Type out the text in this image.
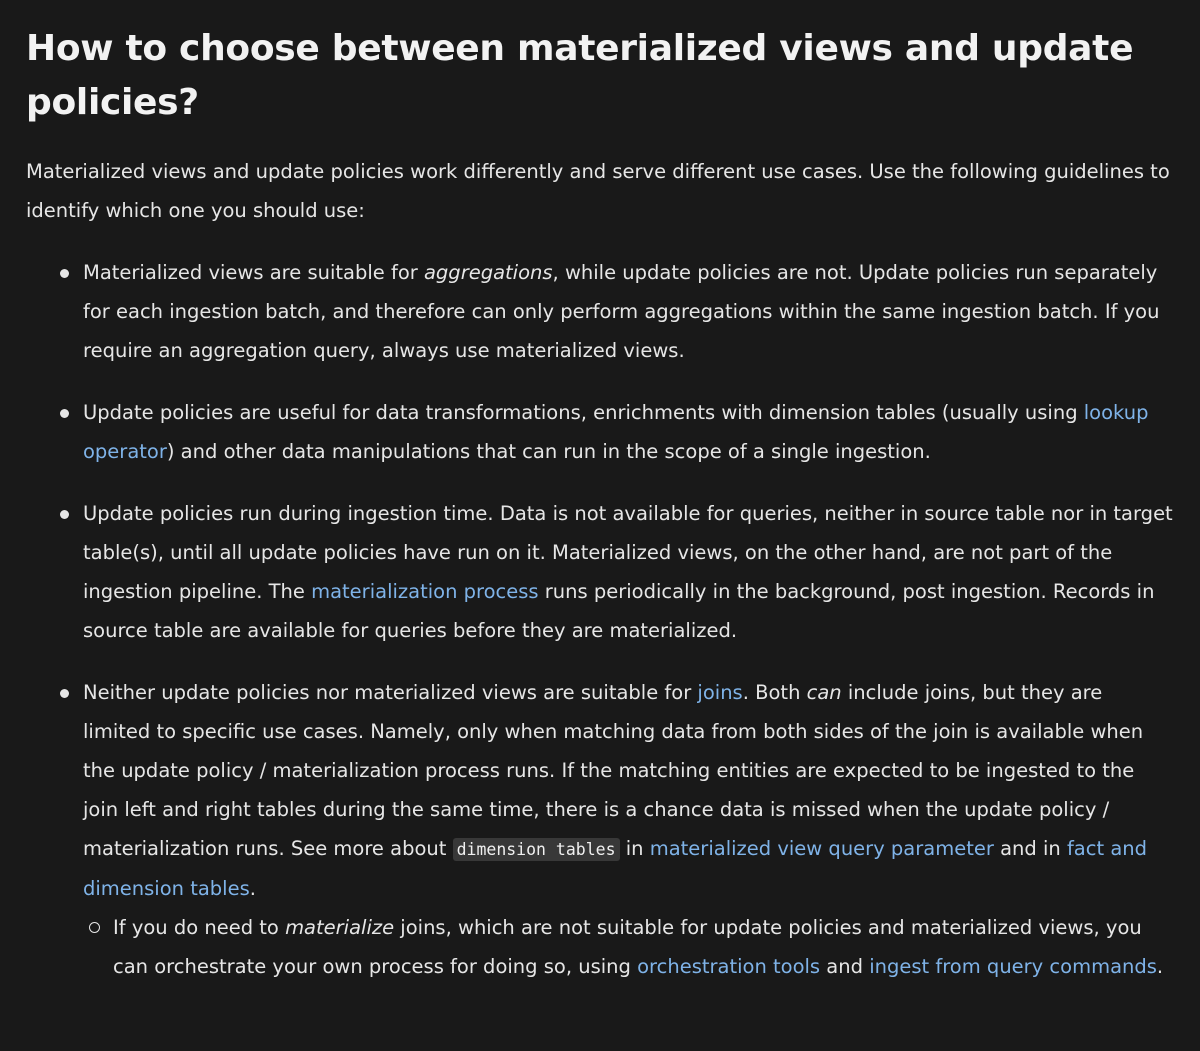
How to choose between materialized views and update policies?

Materialized views and update policies work differently and serve different use cases. Use the following guidelines to identify which one you should use:

Materialized views are suitable for aggregations, while update policies are not. Update policies run separately for each ingestion batch, and therefore can only perform aggregations within the same ingestion batch. If you require an aggregation query, always use materialized views.
Update policies are useful for data transformations, enrichments with dimension tables (usually using lookup operator) and other data manipulations that can run in the scope of a single ingestion.
Update policies run during ingestion time. Data is not available for queries, neither in source table nor in target table(s), until all update policies have run on it. Materialized views, on the other hand, are not part of the ingestion pipeline. The materialization process runs periodically in the background, post ingestion. Records in source table are available for queries before they are materialized.
Neither update policies nor materialized views are suitable for joins. Both can include joins, but they are limited to specific use cases. Namely, only when matching data from both sides of the join is available when the update policy / materialization process runs. If the matching entities are expected to be ingested to the join left and right tables during the same time, there is a chance data is missed when the update policy / materialization runs. See more about dimension tables in materialized view query parameter and in fact and dimension tables.
If you do need to materialize joins, which are not suitable for update policies and materialized views, you can orchestrate your own process for doing so, using orchestration tools and ingest from query commands.
